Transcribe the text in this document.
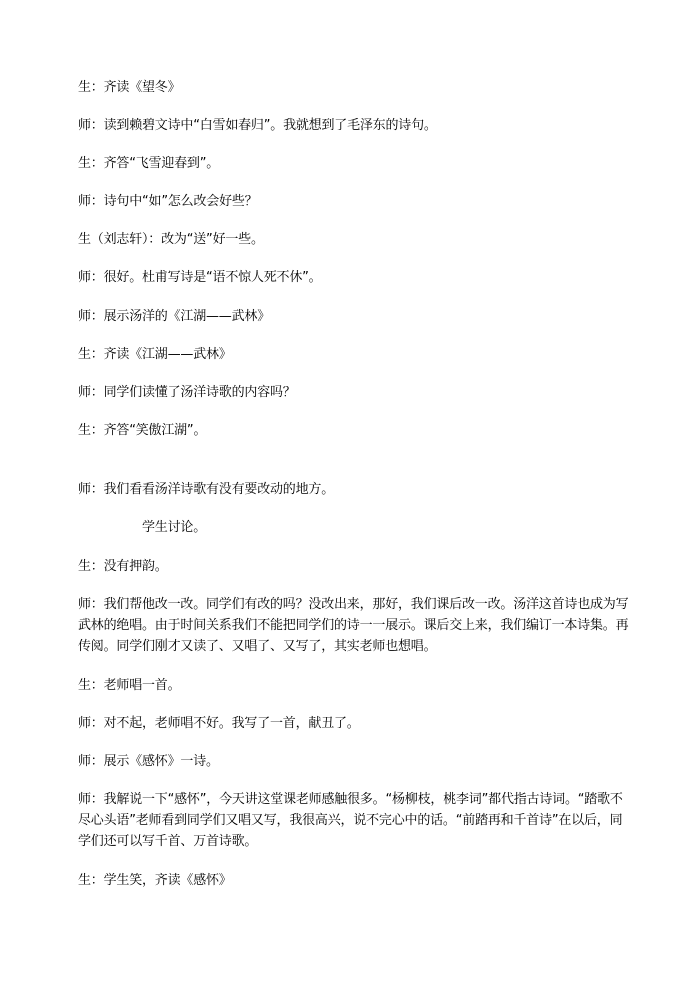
生：齐读《望冬》
师：读到赖碧文诗中“白雪如春归”。我就想到了毛泽东的诗句。
生：齐答“飞雪迎春到”。
师：诗句中“如”怎么改会好些？
生（刘志轩）：改为“送”好一些。
师：很好。杜甫写诗是“语不惊人死不休”。
师：展示汤洋的《江湖——武林》
生：齐读《江湖——武林》
师：同学们读懂了汤洋诗歌的内容吗？
生：齐答“笑傲江湖”。
师：我们看看汤洋诗歌有没有要改动的地方。
学生讨论。
生：没有押韵。
师：我们帮他改一改。同学们有改的吗？没改出来，那好，我们课后改一改。汤洋这首诗也成为写武林的绝唱。由于时间关系我们不能把同学们的诗一一展示。课后交上来，我们编订一本诗集。再传阅。同学们刚才又读了、又唱了、又写了，其实老师也想唱。
生：老师唱一首。
师：对不起，老师唱不好。我写了一首，献丑了。
师：展示《感怀》一诗。
师：我解说一下“感怀”，今天讲这堂课老师感触很多。“杨柳枝，桃李词”都代指古诗词。“踏歌不尽心头语”老师看到同学们又唱又写，我很高兴，说不完心中的话。“前踏再和千首诗”在以后，同学们还可以写千首、万首诗歌。
生：学生笑，齐读《感怀》
